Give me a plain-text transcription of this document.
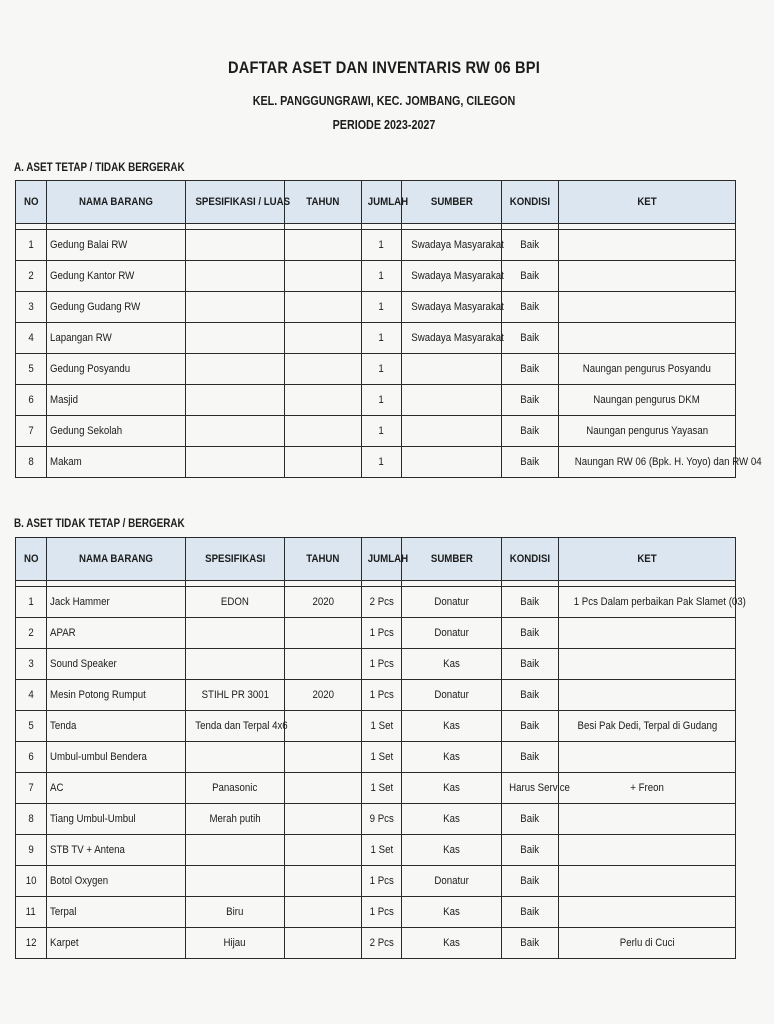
DAFTAR ASET DAN INVENTARIS RW 06 BPI
KEL. PANGGUNGRAWI, KEC. JOMBANG, CILEGON
PERIODE 2023-2027
A. ASET TETAP / TIDAK BERGERAK
NO	NAMA BARANG	SPESIFIKASI / LUAS	TAHUN	JUMLAH	SUMBER	KONDISI	KET

1	Gedung Balai RW			1	Swadaya Masyarakat	Baik	
2	Gedung Kantor RW			1	Swadaya Masyarakat	Baik	
3	Gedung Gudang RW			1	Swadaya Masyarakat	Baik	
4	Lapangan RW			1	Swadaya Masyarakat	Baik	
5	Gedung Posyandu			1		Baik	Naungan pengurus Posyandu
6	Masjid			1		Baik	Naungan pengurus DKM
7	Gedung Sekolah			1		Baik	Naungan pengurus Yayasan
8	Makam			1		Baik	Naungan RW 06 (Bpk. H. Yoyo) dan RW 04
B. ASET TIDAK TETAP / BERGERAK
NO	NAMA BARANG	SPESIFIKASI	TAHUN	JUMLAH	SUMBER	KONDISI	KET

1	Jack Hammer	EDON	2020	2 Pcs	Donatur	Baik	1 Pcs Dalam perbaikan Pak Slamet (03)
2	APAR			1 Pcs	Donatur	Baik	
3	Sound Speaker			1 Pcs	Kas	Baik	
4	Mesin Potong Rumput	STIHL PR 3001	2020	1 Pcs	Donatur	Baik	
5	Tenda	Tenda dan Terpal 4x6		1 Set	Kas	Baik	Besi Pak Dedi, Terpal di Gudang
6	Umbul-umbul Bendera			1 Set	Kas	Baik	
7	AC	Panasonic		1 Set	Kas	Harus Service	+ Freon
8	Tiang Umbul-Umbul	Merah putih		9 Pcs	Kas	Baik	
9	STB TV + Antena			1 Set	Kas	Baik	
10	Botol Oxygen			1 Pcs	Donatur	Baik	
11	Terpal	Biru		1 Pcs	Kas	Baik	
12	Karpet	Hijau		2 Pcs	Kas	Baik	Perlu di Cuci
